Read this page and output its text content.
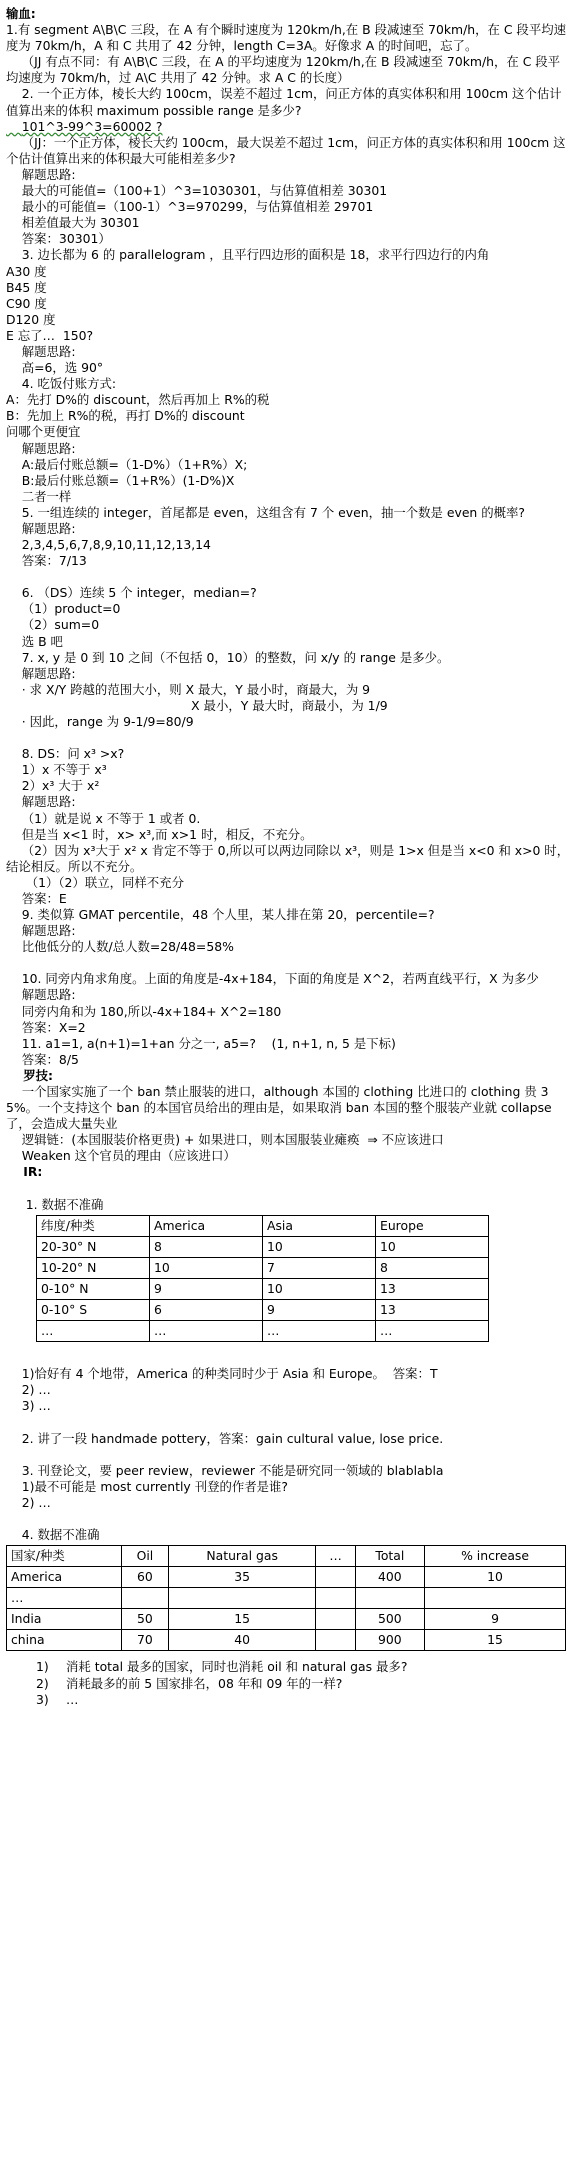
输血:
1.有 segment A\B\C 三段，在 A 有个瞬时速度为 120km/h,在 B 段减速至 70km/h，在 C 段平均速度为 70km/h，A 和 C 共用了 42 分钟，length C=3A。好像求 A 的时间吧，忘了。
（JJ 有点不同：有 A\B\C 三段，在 A 的平均速度为 120km/h,在 B 段减速至 70km/h，在 C 段平均速度为 70km/h，过 A\C 共用了 42 分钟。求 A C 的长度）
2. 一个正方体，棱长大约 100cm，误差不超过 1cm，问正方体的真实体积和用 100cm 这个估计值算出来的体积 maximum possible range 是多少?
101^3-99^3=60002 ?
（JJ：一个正方体，棱长大约 100cm，最大误差不超过 1cm，问正方体的真实体积和用 100cm 这个估计值算出来的体积最大可能相差多少?
解题思路:
最大的可能值=（100+1）^3=1030301，与估算值相差 30301
最小的可能值=（100-1）^3=970299，与估算值相差 29701
相差值最大为 30301
答案：30301）
3. 边长都为 6 的 parallelogram ，且平行四边形的面积是 18，求平行四边行的内角
A30 度
B45 度
C90 度
D120 度
E 忘了…  150?
解题思路:
高=6，选 90°
4. 吃饭付账方式:
A：先打 D%的 discount，然后再加上 R%的税
B：先加上 R%的税，再打 D%的 discount
问哪个更便宜
解题思路:
A:最后付账总额=（1-D%）（1+R%）X;
B:最后付账总额=（1+R%）(1-D%)X
二者一样
5. 一组连续的 integer，首尾都是 even，这组含有 7 个 even，抽一个数是 even 的概率?
解题思路:
2,3,4,5,6,7,8,9,10,11,12,13,14
答案：7/13
6. （DS）连续 5 个 integer，median=?
（1）product=0
（2）sum=0
选 B 吧
7. x, y 是 0 到 10 之间（不包括 0，10）的整数，问 x/y 的 range 是多少。
解题思路:
· 求 X/Y 跨越的范围大小，则 X 最大，Y 最小时，商最大，为 9
X 最小，Y 最大时，商最小，为 1/9
· 因此，range 为 9-1/9=80/9
8. DS：问 x³ >x?
1）x 不等于 x³
2）x³ 大于 x²
解题思路:
（1）就是说 x 不等于 1 或者 0.
但是当 x<1 时，x> x³,而 x>1 时，相反，不充分。
（2）因为 x³大于 x² x 肯定不等于 0,所以可以两边同除以 x³，则是 1>x 但是当 x<0 和 x>0 时，结论相反。所以不充分。
（1）（2）联立，同样不充分
答案：E
9. 类似算 GMAT percentile，48 个人里，某人排在第 20，percentile=?
解题思路:
比他低分的人数/总人数=28/48=58%
10. 同旁内角求角度。上面的角度是-4x+184，下面的角度是 X^2，若两直线平行，X 为多少
解题思路:
同旁内角和为 180,所以-4x+184+ X^2=180
答案：X=2
11. a1=1, a(n+1)=1+an 分之一, a5=?    (1, n+1, n, 5 是下标)
答案：8/5
罗技:
一个国家实施了一个 ban 禁止服装的进口，although 本国的 clothing 比进口的 clothing 贵 35%。一个支持这个 ban 的本国官员给出的理由是，如果取消 ban 本国的整个服装产业就 collapse 了，会造成大量失业
逻辑链：(本国服装价格更贵) + 如果进口，则本国服装业瘫痪  ⇒ 不应该进口
Weaken 这个官员的理由（应该进口）
IR:
1. 数据不准确
纬度/种类	America	Asia	Europe
20-30° N	8	10	10
10-20° N	10	7	8
0-10° N	9	10	13
0-10° S	6	9	13
…	…	…	…
1)恰好有 4 个地带，America 的种类同时少于 Asia 和 Europe。  答案：T
2) …
3) …
2. 讲了一段 handmade pottery，答案：gain cultural value, lose price.
3. 刊登论文，要 peer review，reviewer 不能是研究同一领域的 blablabla
1)最不可能是 most currently 刊登的作者是谁?
2) …
4. 数据不准确
国家/种类	Oil	Natural gas	…	Total	% increase
America	60	35		400	10
…					
India	50	15		500	9
china	70	40		900	15
1) 消耗 total 最多的国家，同时也消耗 oil 和 natural gas 最多?
2) 消耗最多的前 5 国家排名，08 年和 09 年的一样?
3) …
